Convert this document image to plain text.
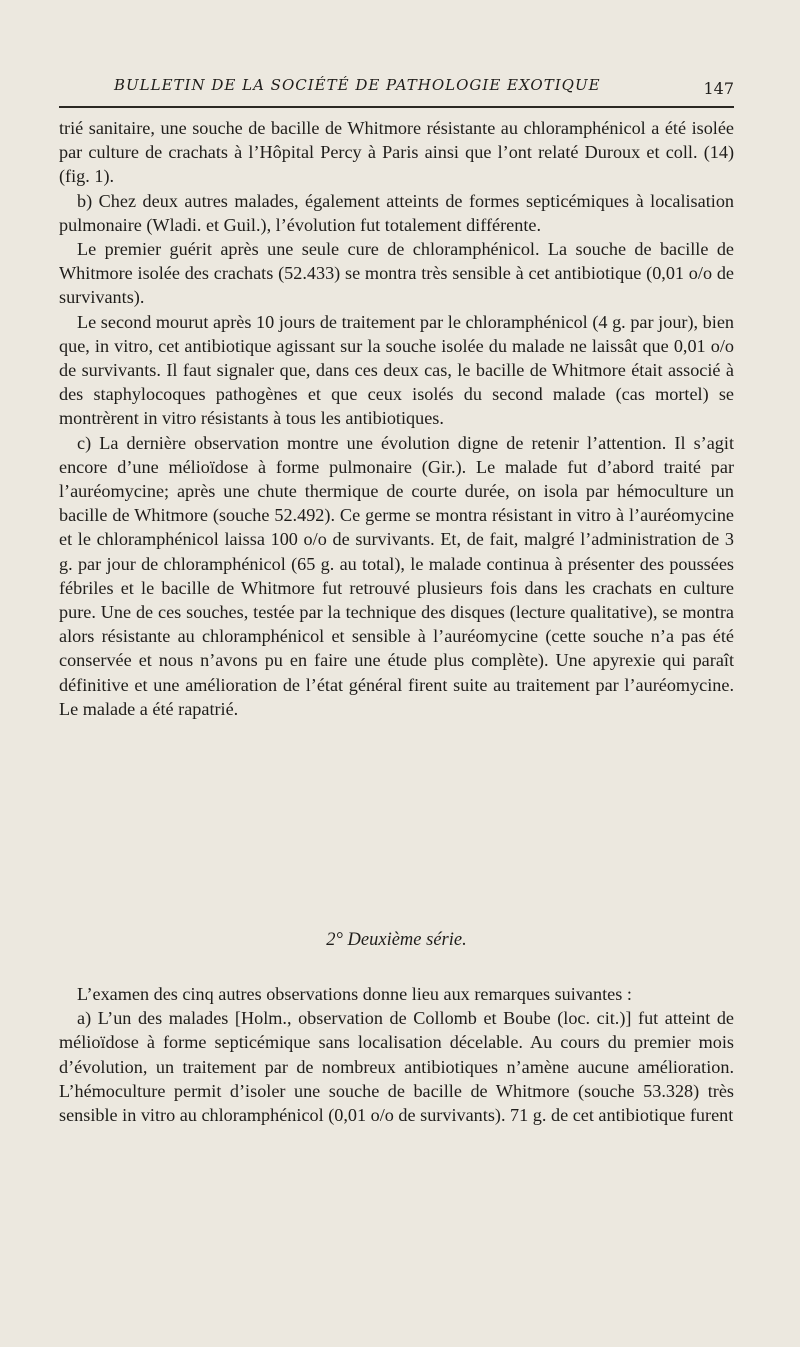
BULLETIN DE LA SOCIÉTÉ DE PATHOLOGIE EXOTIQUE	147

trié sanitaire, une souche de bacille de Whitmore résistante au chloramphénicol a été isolée par culture de crachats à l’Hôpital Percy à Paris ainsi que l’ont relaté Duroux et coll. (14) (fig. 1).

b) Chez deux autres malades, également atteints de formes septicémiques à localisation pulmonaire (Wladi. et Guil.), l’évolution fut totalement différente.

Le premier guérit après une seule cure de chloramphénicol. La souche de bacille de Whitmore isolée des crachats (52.433) se montra très sensible à cet antibiotique (0,01 o/o de survivants).

Le second mourut après 10 jours de traitement par le chloramphénicol (4 g. par jour), bien que, in vitro, cet antibiotique agissant sur la souche isolée du malade ne laissât que 0,01 o/o de survivants. Il faut signaler que, dans ces deux cas, le bacille de Whitmore était associé à des staphylocoques pathogènes et que ceux isolés du second malade (cas mortel) se montrèrent in vitro résistants à tous les antibiotiques.

c) La dernière observation montre une évolution digne de retenir l’attention. Il s’agit encore d’une mélioïdose à forme pulmonaire (Gir.). Le malade fut d’abord traité par l’auréomycine; après une chute thermique de courte durée, on isola par hémoculture un bacille de Whitmore (souche 52.492). Ce germe se montra résistant in vitro à l’auréomycine et le chloramphénicol laissa 100 o/o de survivants. Et, de fait, malgré l’administration de 3 g. par jour de chloramphénicol (65 g. au total), le malade continua à présenter des poussées fébriles et le bacille de Whitmore fut retrouvé plusieurs fois dans les crachats en culture pure. Une de ces souches, testée par la technique des disques (lecture qualitative), se montra alors résistante au chloramphénicol et sensible à l’auréomycine (cette souche n’a pas été conservée et nous n’avons pu en faire une étude plus complète). Une apyrexie qui paraît définitive et une amélioration de l’état général firent suite au traitement par l’auréomycine. Le malade a été rapatrié.

2° Deuxième série.

L’examen des cinq autres observations donne lieu aux remarques suivantes :

a) L’un des malades [Holm., observation de Collomb et Boube (loc. cit.)] fut atteint de mélioïdose à forme septicémique sans localisation décelable. Au cours du premier mois d’évolution, un traitement par de nombreux antibiotiques n’amène aucune amélioration. L’hémoculture permit d’isoler une souche de bacille de Whitmore (souche 53.328) très sensible in vitro au chloramphénicol (0,01 o/o de survivants). 71 g. de cet antibiotique furent
